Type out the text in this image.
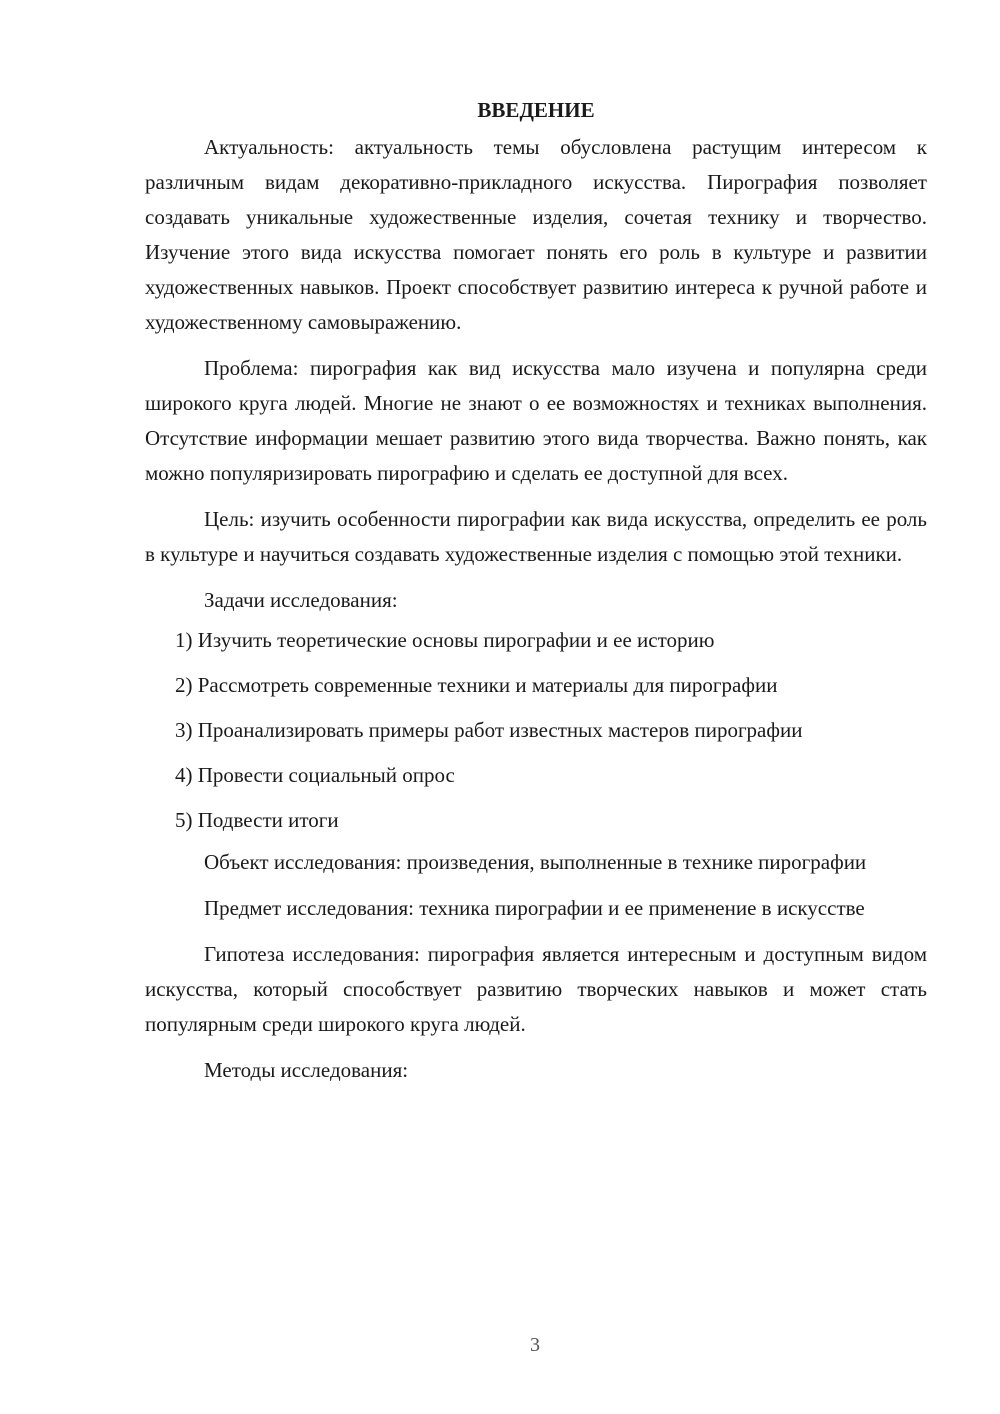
ВВЕДЕНИЕ

Актуальность: актуальность темы обусловлена растущим интересом к различным видам декоративно-прикладного искусства. Пирография позволяет создавать уникальные художественные изделия, сочетая технику и творчество. Изучение этого вида искусства помогает понять его роль в культуре и развитии художественных навыков. Проект способствует развитию интереса к ручной работе и художественному самовыражению.

Проблема: пирография как вид искусства мало изучена и популярна среди широкого круга людей. Многие не знают о ее возможностях и техниках выполнения. Отсутствие информации мешает развитию этого вида творчества. Важно понять, как можно популяризировать пирографию и сделать ее доступной для всех.

Цель: изучить особенности пирографии как вида искусства, определить ее роль в культуре и научиться создавать художественные изделия с помощью этой техники.

Задачи исследования:

1) Изучить теоретические основы пирографии и ее историю
2) Рассмотреть современные техники и материалы для пирографии
3) Проанализировать примеры работ известных мастеров пирографии
4) Провести социальный опрос
5) Подвести итоги

Объект исследования: произведения, выполненные в технике пирографии

Предмет исследования: техника пирографии и ее применение в искусстве

Гипотеза исследования: пирография является интересным и доступным видом искусства, который способствует развитию творческих навыков и может стать популярным среди широкого круга людей.

Методы исследования:

3
